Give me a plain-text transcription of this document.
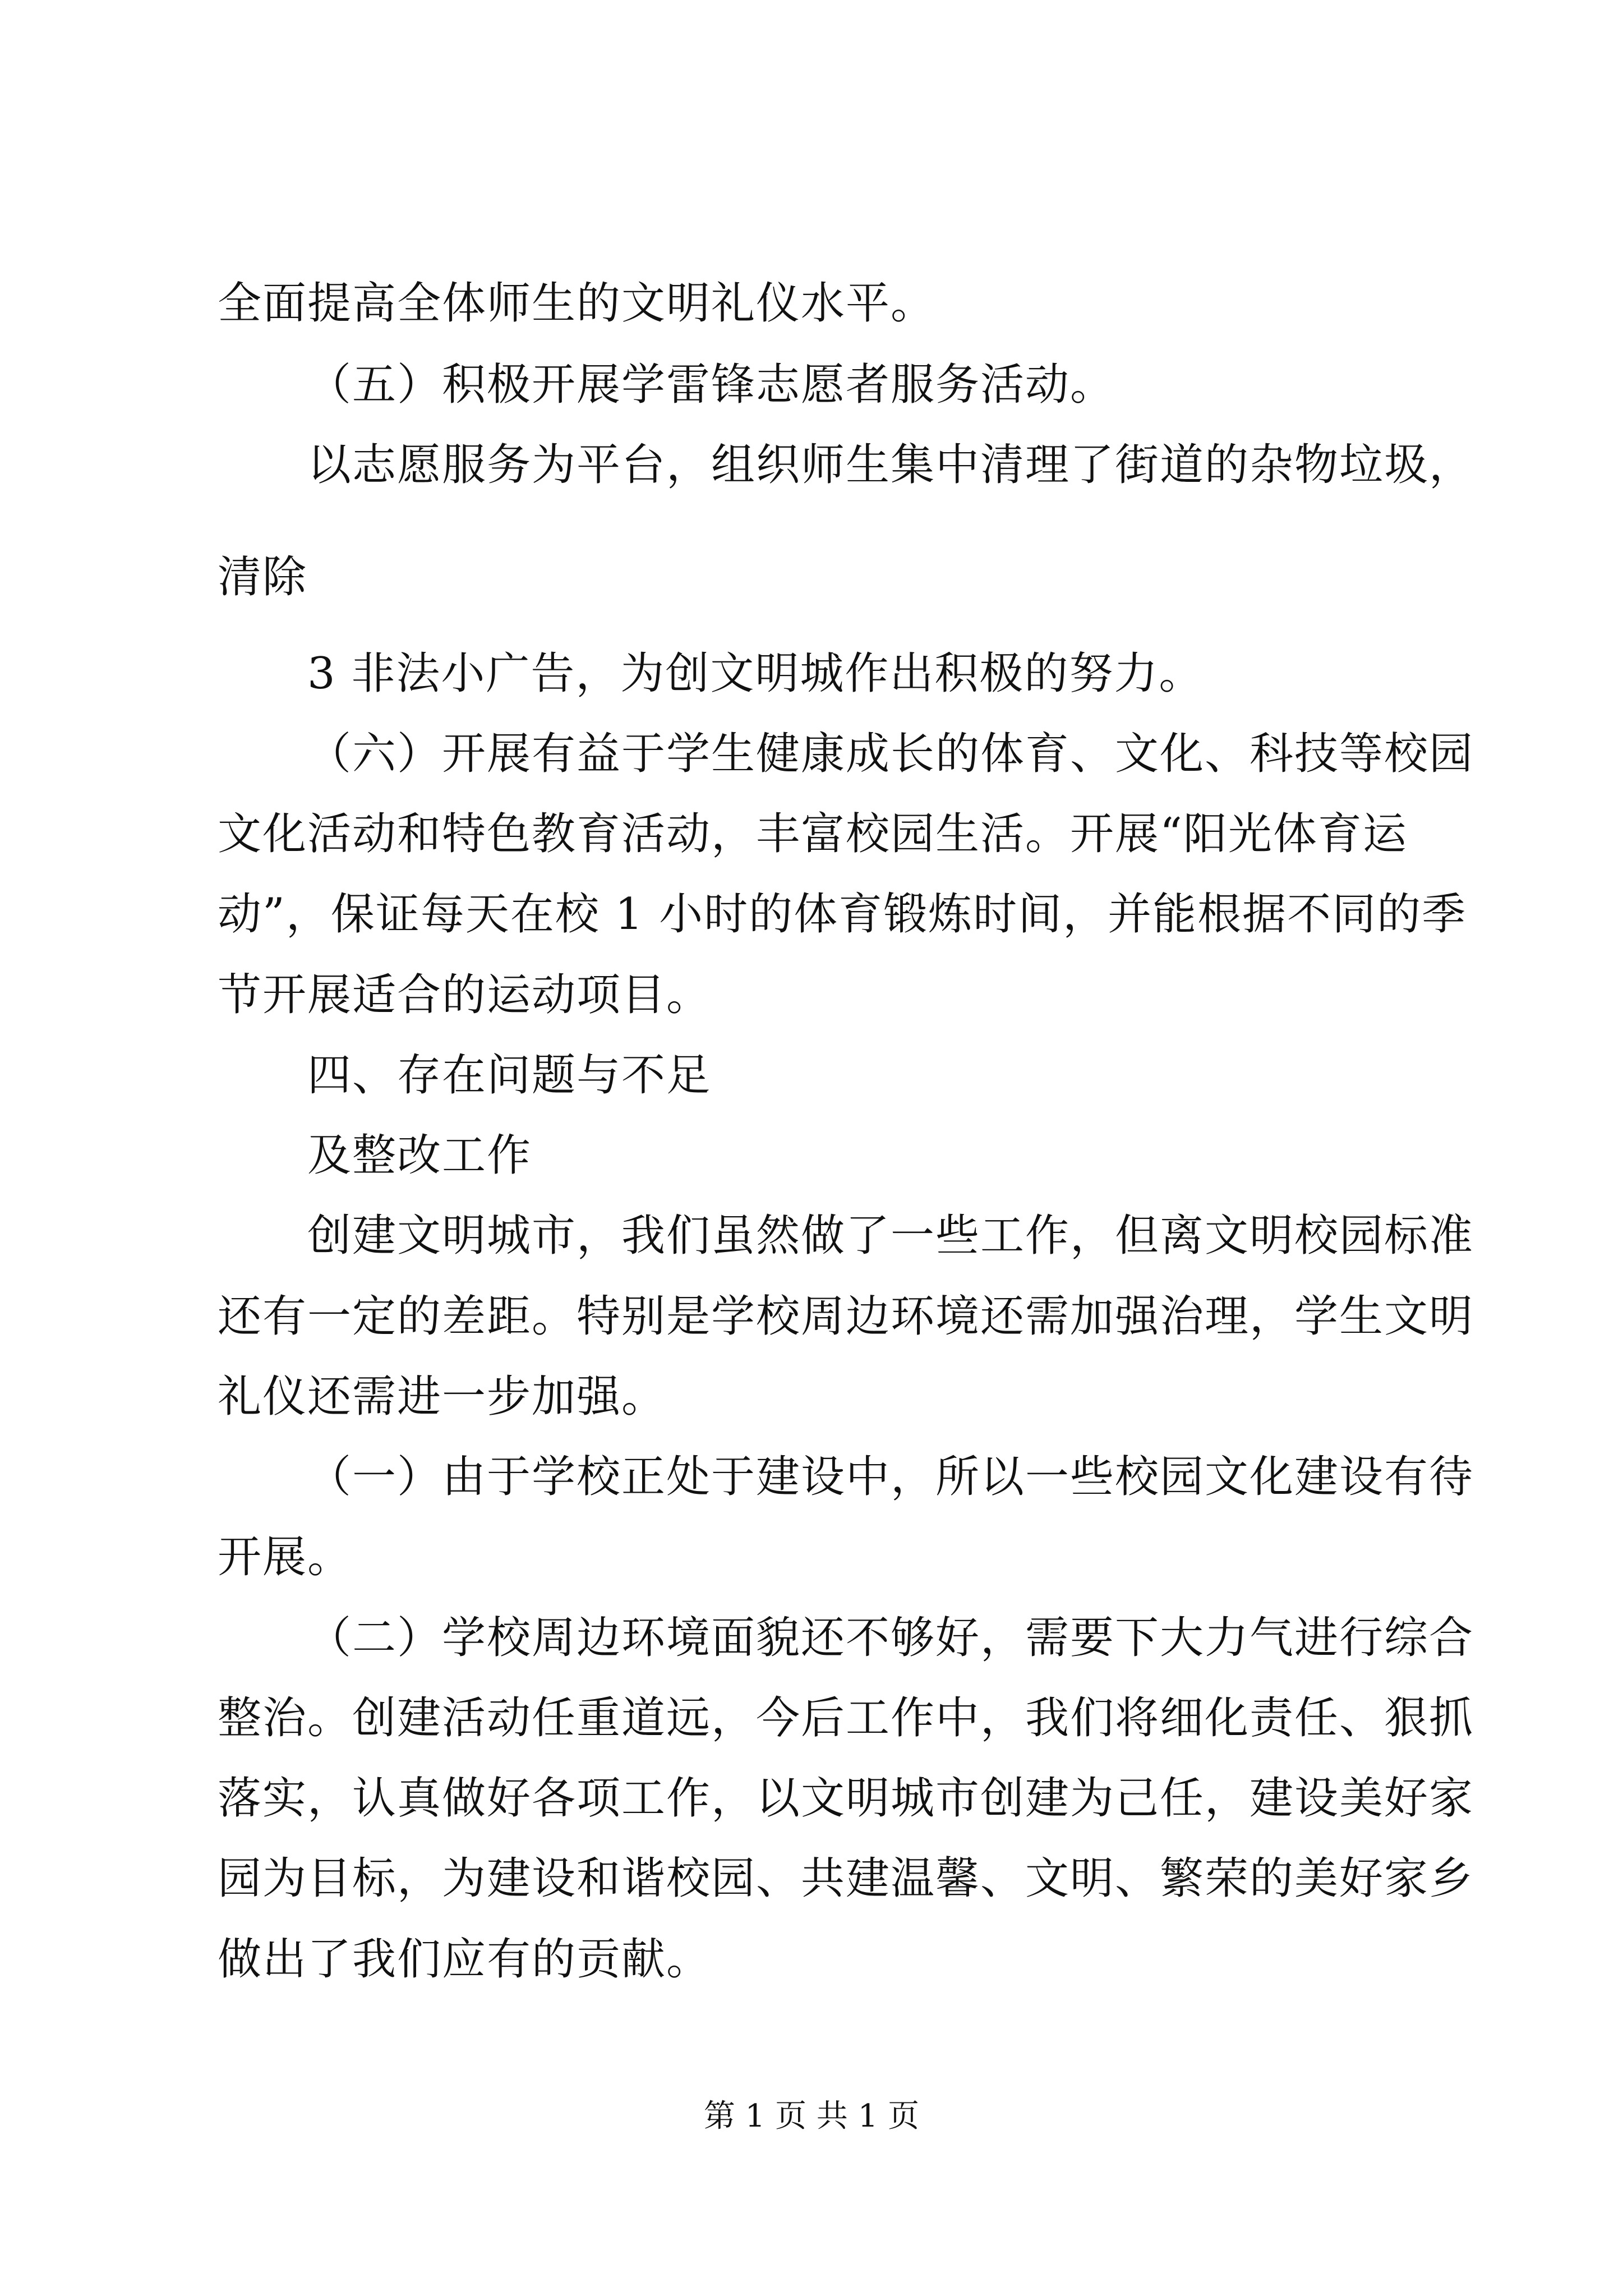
全面提高全体师生的文明礼仪水平。
（五）积极开展学雷锋志愿者服务活动。
以志愿服务为平台，组织师生集中清理了街道的杂物垃圾，
清除
3 非法小广告，为创文明城作出积极的努力。
（六）开展有益于学生健康成长的体育、文化、科技等校园
文化活动和特色教育活动，丰富校园生活。开展“阳光体育运
动”，保证每天在校 1 小时的体育锻炼时间，并能根据不同的季
节开展适合的运动项目。
四、存在问题与不足
及整改工作
创建文明城市，我们虽然做了一些工作，但离文明校园标准
还有一定的差距。特别是学校周边环境还需加强治理，学生文明
礼仪还需进一步加强。
（一）由于学校正处于建设中，所以一些校园文化建设有待
开展。
（二）学校周边环境面貌还不够好，需要下大力气进行综合
整治。创建活动任重道远，今后工作中，我们将细化责任、狠抓
落实，认真做好各项工作，以文明城市创建为己任，建设美好家
园为目标，为建设和谐校园、共建温馨、文明、繁荣的美好家乡
做出了我们应有的贡献。
第 1 页 共 1 页
